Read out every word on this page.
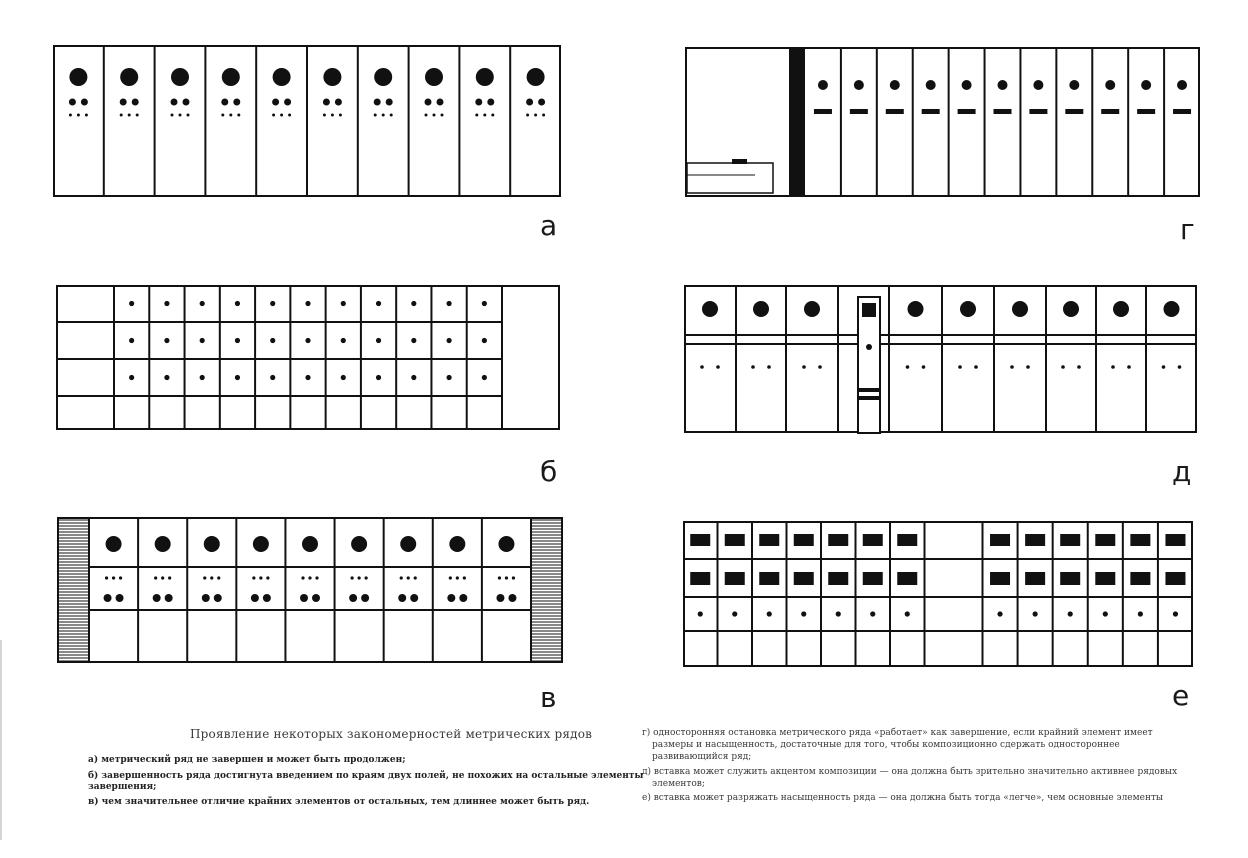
а
б
в
г
д
е
Проявление некоторых закономерностей метрических рядов
а) метрический ряд не завершен и может быть продолжен;
б) завершенность ряда достигнута введением по краям двух полей, не похожих на остальные элементы
завершения;
в) чем значительнее отличие крайних элементов от остальных, тем длиннее может быть ряд.
г) односторонняя остановка метрического ряда «работает» как завершение, если крайний элемент имеет
размеры и насыщенность, достаточные для того, чтобы композиционно сдержать одностороннее
развивающийся ряд;
д) вставка может служить акцентом композиции — она должна быть зрительно значительно активнее рядовых
элементов;
е) вставка может разряжать насыщенность ряда — она должна быть тогда «легче», чем основные элементы
